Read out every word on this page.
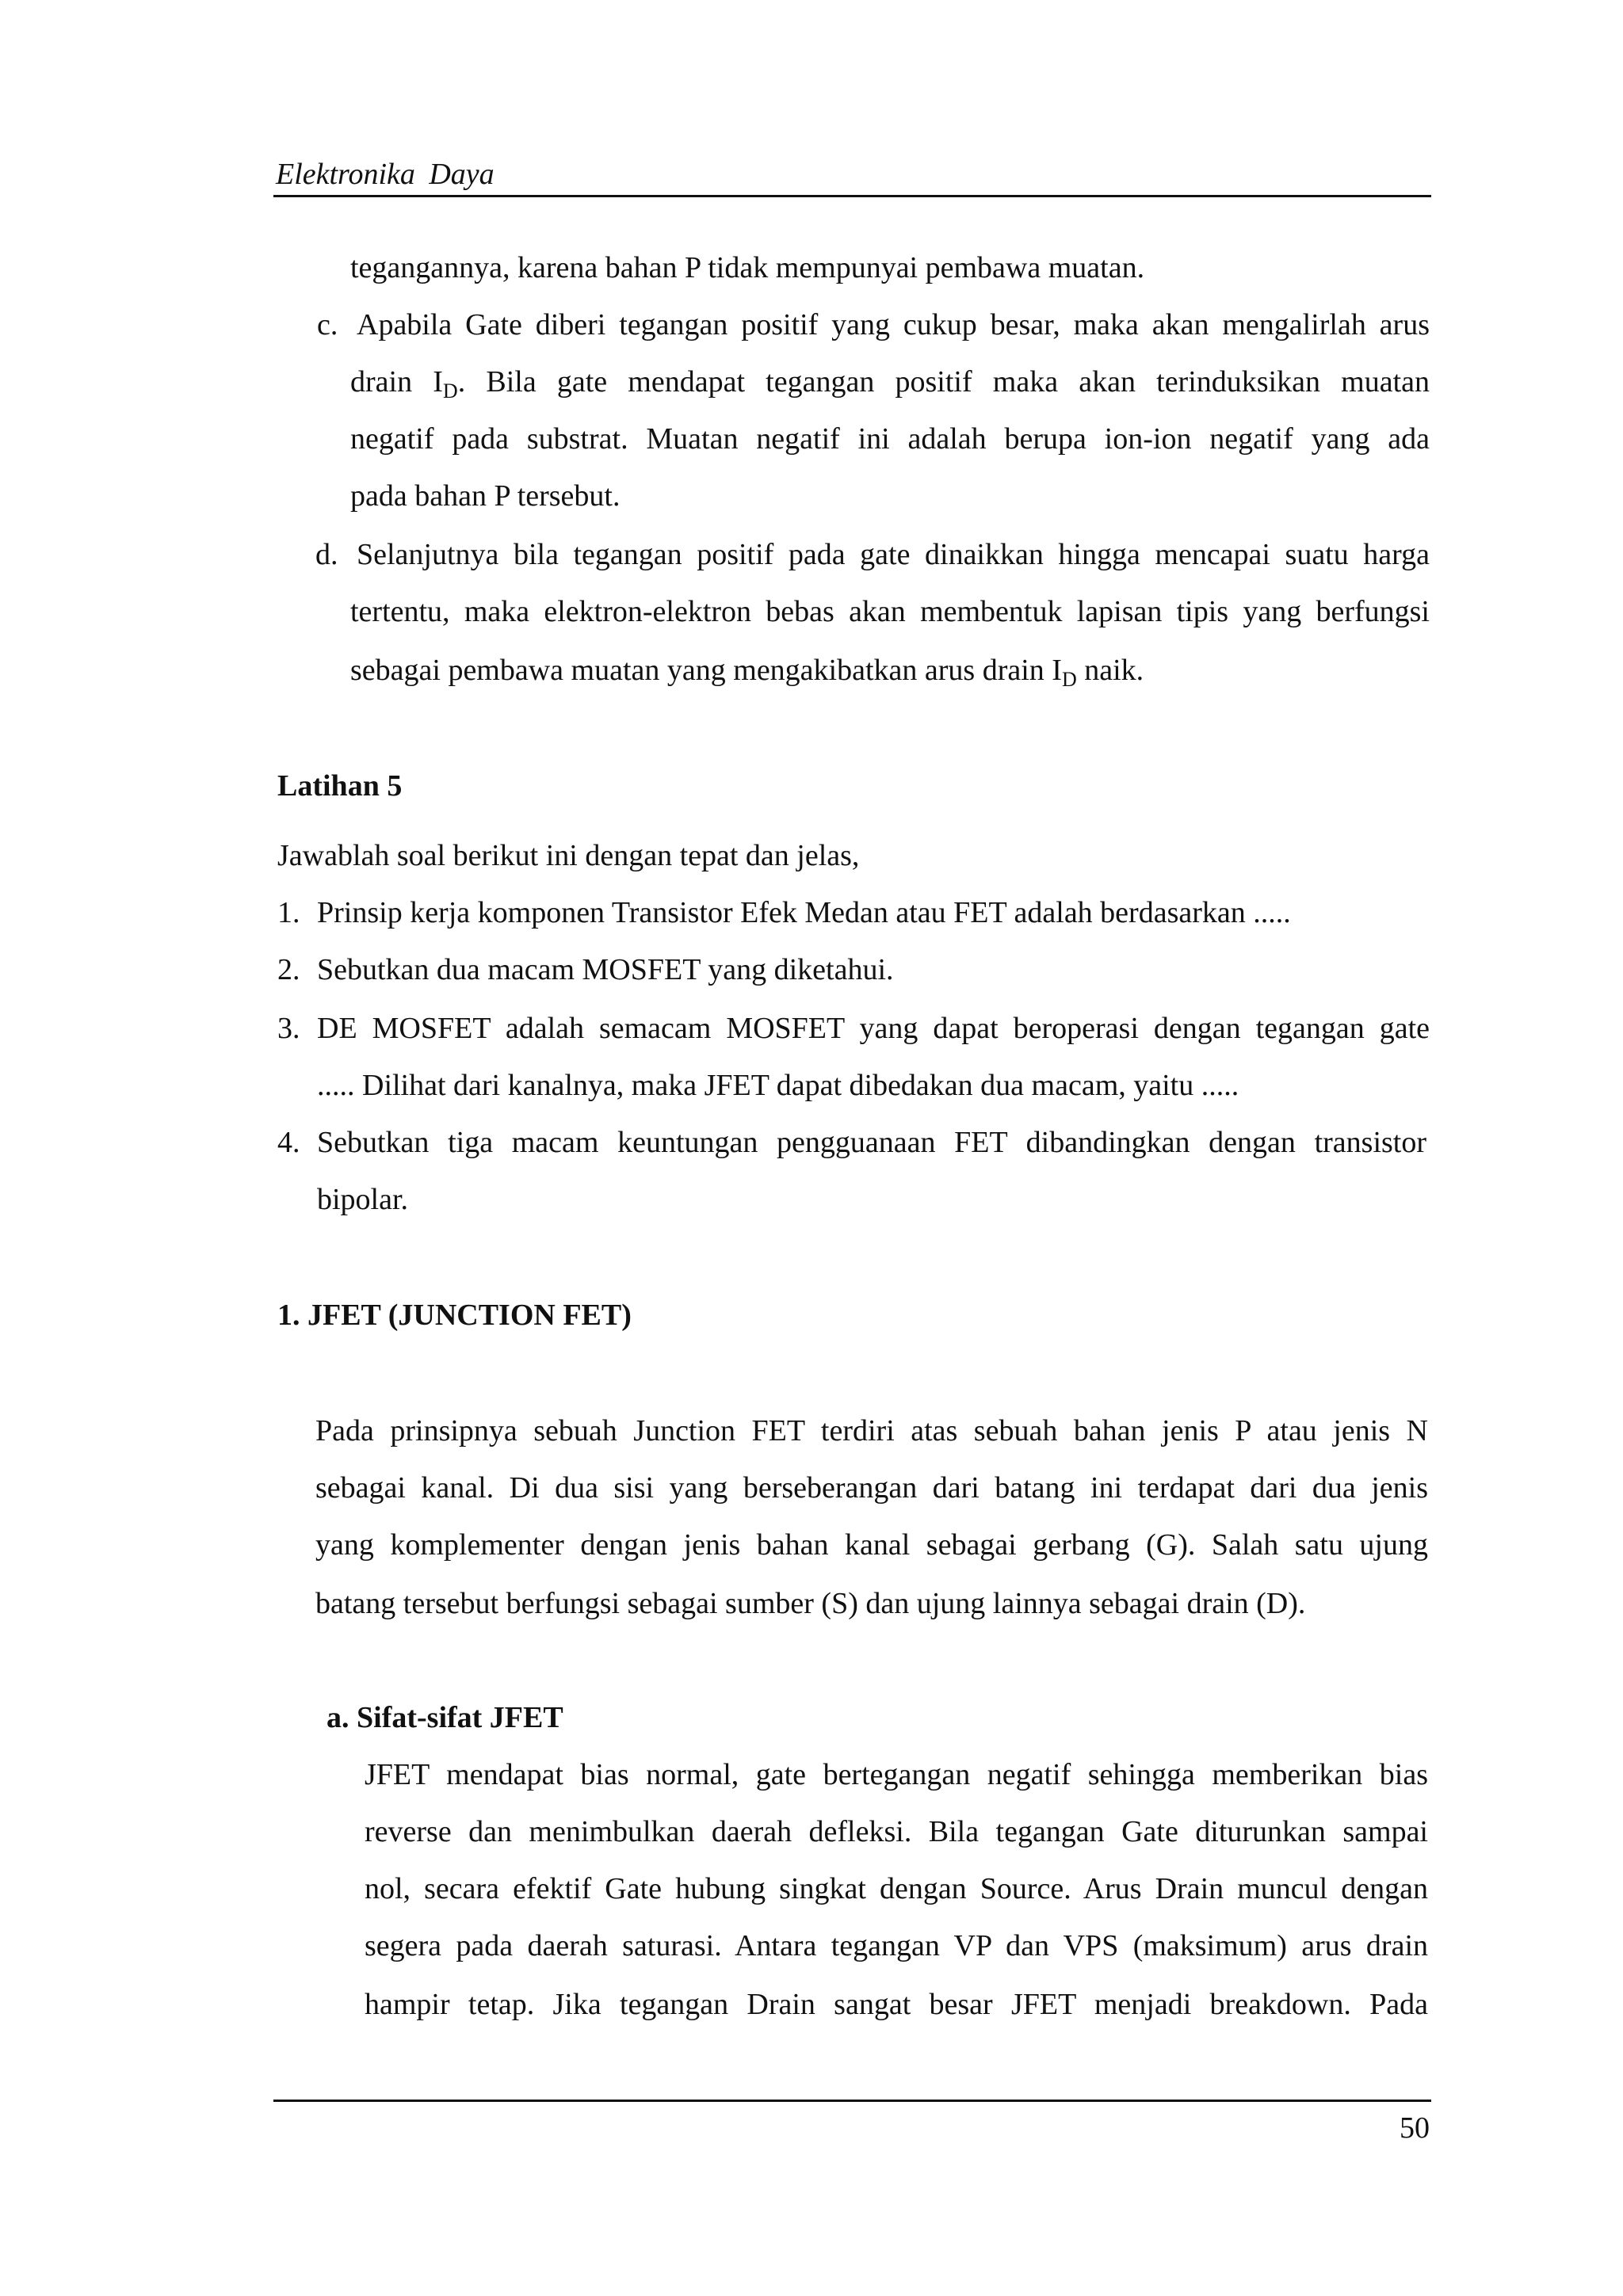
Elektronika Daya
tegangannya, karena bahan P tidak mempunyai pembawa muatan.
c. Apabila Gate diberi tegangan positif yang cukup besar, maka akan mengalirlah arus
drain $I_D$. Bila gate mendapat tegangan positif maka akan terinduksikan muatan
negatif pada substrat. Muatan negatif ini adalah berupa ion-ion negatif yang ada
pada bahan P tersebut.
d. Selanjutnya bila tegangan positif pada gate dinaikkan hingga mencapai suatu harga
tertentu, maka elektron-elektron bebas akan membentuk lapisan tipis yang berfungsi
sebagai pembawa muatan yang mengakibatkan arus drain $I_D$ naik.
Latihan 5
Jawablah soal berikut ini dengan tepat dan jelas,
1. Prinsip kerja komponen Transistor Efek Medan atau FET adalah berdasarkan .....
2. Sebutkan dua macam MOSFET yang diketahui.
3. DE MOSFET adalah semacam MOSFET yang dapat beroperasi dengan tegangan gate
..... Dilihat dari kanalnya, maka JFET dapat dibedakan dua macam, yaitu .....
4. Sebutkan tiga macam keuntungan pengguanaan FET dibandingkan dengan transistor
bipolar.
1. JFET (JUNCTION FET)
Pada prinsipnya sebuah Junction FET terdiri atas sebuah bahan jenis P atau jenis N
sebagai kanal. Di dua sisi yang berseberangan dari batang ini terdapat dari dua jenis
yang komplementer dengan jenis bahan kanal sebagai gerbang (G). Salah satu ujung
batang tersebut berfungsi sebagai sumber (S) dan ujung lainnya sebagai drain (D).
a. Sifat-sifat JFET
JFET mendapat bias normal, gate bertegangan negatif sehingga memberikan bias
reverse dan menimbulkan daerah defleksi. Bila tegangan Gate diturunkan sampai
nol, secara efektif Gate hubung singkat dengan Source. Arus Drain muncul dengan
segera pada daerah saturasi. Antara tegangan VP dan VPS (maksimum) arus drain
hampir tetap. Jika tegangan Drain sangat besar JFET menjadi breakdown. Pada
50
